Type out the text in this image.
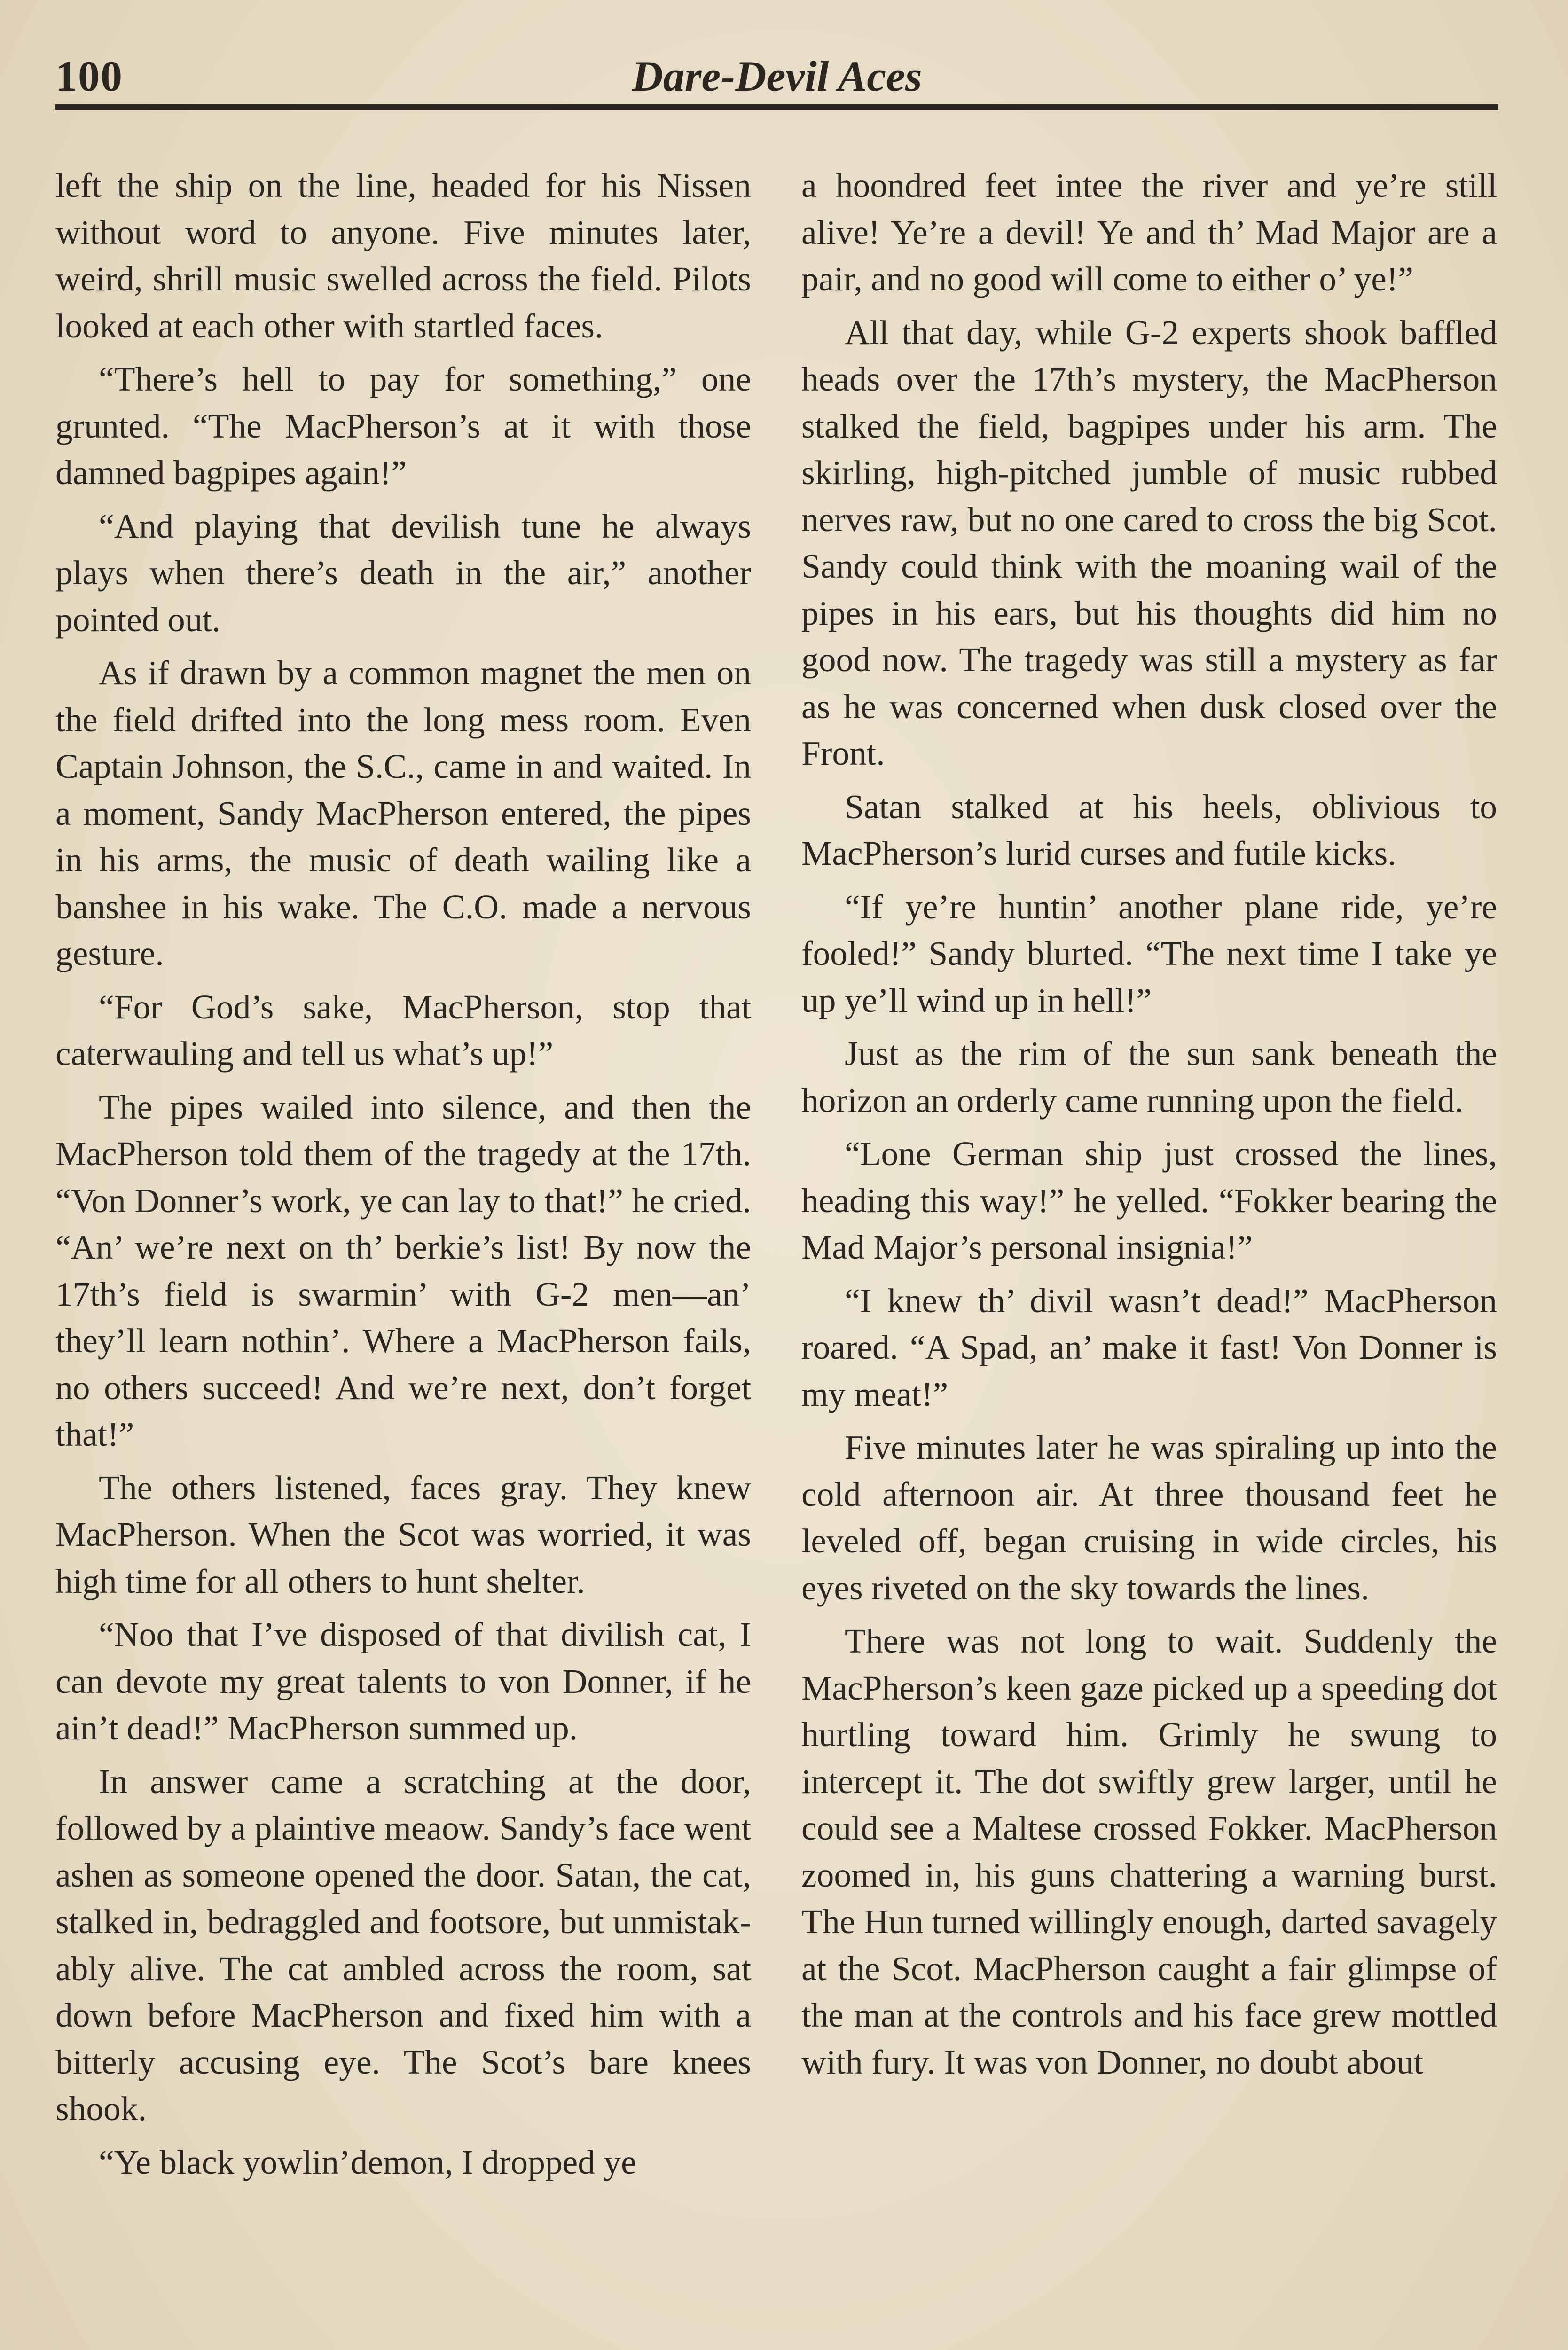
100	Dare-Devil Aces

left the ship on the line, headed for his Nissen without word to anyone. Five minutes later, weird, shrill music swelled across the field. Pilots looked at each other with startled faces.

“There’s hell to pay for something,” one grunted. “The MacPherson’s at it with those damned bagpipes again!”

“And playing that devilish tune he always plays when there’s death in the air,” another pointed out.

As if drawn by a common magnet the men on the field drifted into the long mess room. Even Captain Johnson, the S.C., came in and waited. In a moment, Sandy MacPherson entered, the pipes in his arms, the music of death wailing like a banshee in his wake. The C.O. made a nervous gesture.

“For God’s sake, MacPherson, stop that caterwauling and tell us what’s up!”

The pipes wailed into silence, and then the MacPherson told them of the tragedy at the 17th. “Von Donner’s work, ye can lay to that!” he cried. “An’ we’re next on th’ berkie’s list! By now the 17th’s field is swarmin’ with G-2 men—an’ they’ll learn nothin’. Where a MacPherson fails, no others succeed! And we’re next, don’t forget that!”

The others listened, faces gray. They knew MacPherson. When the Scot was worried, it was high time for all others to hunt shelter.

“Noo that I’ve disposed of that divilish cat, I can devote my great talents to von Donner, if he ain’t dead!” MacPherson summed up.

In answer came a scratching at the door, followed by a plaintive meaow. Sandy’s face went ashen as someone opened the door. Satan, the cat, stalked in, bedraggled and footsore, but unmistakably alive. The cat ambled across the room, sat down before MacPherson and fixed him with a bitterly accusing eye. The Scot’s bare knees shook.

“Ye black yowlin’demon, I dropped ye

a hoondred feet intee the river and ye’re still alive! Ye’re a devil! Ye and th’ Mad Major are a pair, and no good will come to either o’ ye!”

All that day, while G-2 experts shook baffled heads over the 17th’s mystery, the MacPherson stalked the field, bagpipes under his arm. The skirling, high-pitched jumble of music rubbed nerves raw, but no one cared to cross the big Scot. Sandy could think with the moaning wail of the pipes in his ears, but his thoughts did him no good now. The tragedy was still a mystery as far as he was concerned when dusk closed over the Front.

Satan stalked at his heels, oblivious to MacPherson’s lurid curses and futile kicks.

“If ye’re huntin’ another plane ride, ye’re fooled!” Sandy blurted. “The next time I take ye up ye’ll wind up in hell!”

Just as the rim of the sun sank beneath the horizon an orderly came running upon the field.

“Lone German ship just crossed the lines, heading this way!” he yelled. “Fokker bearing the Mad Major’s personal insignia!”

“I knew th’ divil wasn’t dead!” MacPherson roared. “A Spad, an’ make it fast! Von Donner is my meat!”

Five minutes later he was spiraling up into the cold afternoon air. At three thousand feet he leveled off, began cruising in wide circles, his eyes riveted on the sky towards the lines.

There was not long to wait. Suddenly the MacPherson’s keen gaze picked up a speeding dot hurtling toward him. Grimly he swung to intercept it. The dot swiftly grew larger, until he could see a Maltese crossed Fokker. MacPherson zoomed in, his guns chattering a warning burst. The Hun turned willingly enough, darted savagely at the Scot. MacPherson caught a fair glimpse of the man at the controls and his face grew mottled with fury. It was von Donner, no doubt about
